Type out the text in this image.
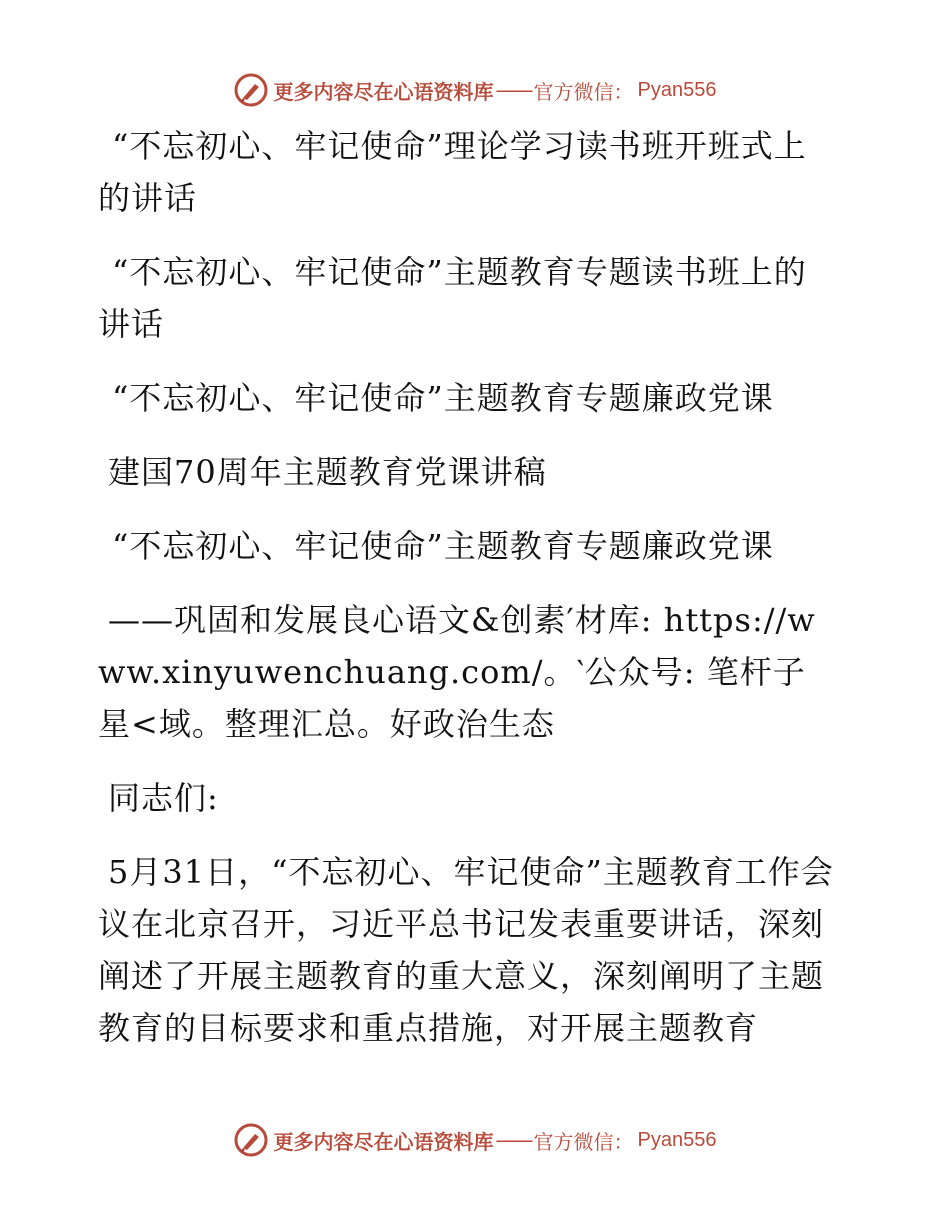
更多内容尽在心语资料库 —— 官方微信： Pyan556

“不忘初心、牢记使命”理论学习读书班开班式上的讲话

“不忘初心、牢记使命”主题教育专题读书班上的讲话

“不忘初心、牢记使命”主题教育专题廉政党课

建国70周年主题教育党课讲稿

“不忘初心、牢记使命”主题教育专题廉政党课

——巩固和发展良心语文&创素′材库: https://www.xinyuwenchuang.com/。‵公众号: 笔杆子星<域。整理汇总。好政治生态

同志们:

5月31日，“不忘初心、牢记使命”主题教育工作会议在北京召开，习近平总书记发表重要讲话，深刻阐述了开展主题教育的重大意义，深刻阐明了主题教育的目标要求和重点措施，对开展主题教育

更多内容尽在心语资料库 —— 官方微信： Pyan556
